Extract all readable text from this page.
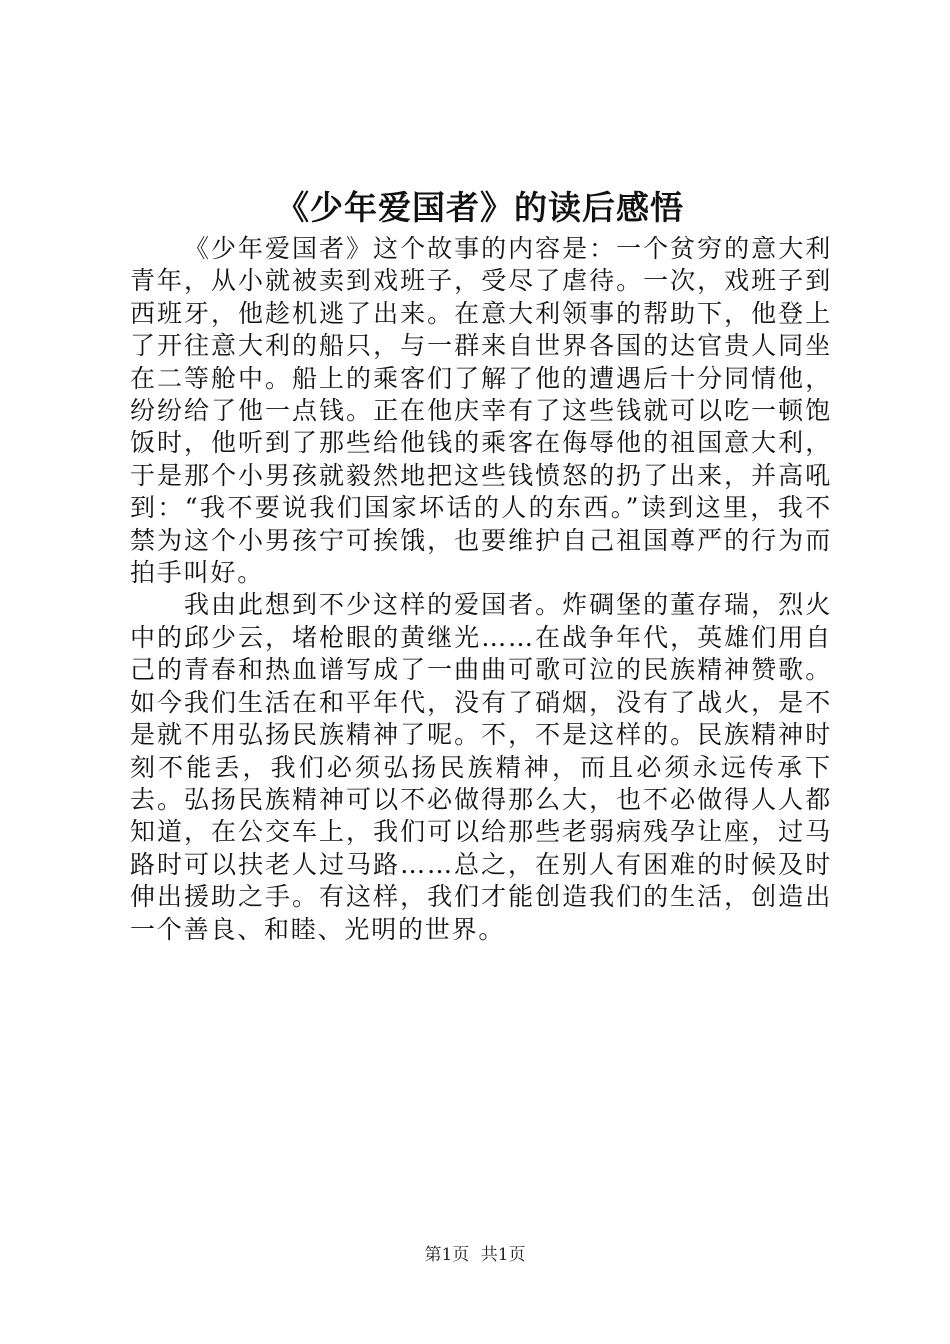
《少年爱国者》的读后感悟

《少年爱国者》这个故事的内容是：一个贫穷的意大利青年，从小就被卖到戏班子，受尽了虐待。一次，戏班子到西班牙，他趁机逃了出来。在意大利领事的帮助下，他登上了开往意大利的船只，与一群来自世界各国的达官贵人同坐在二等舱中。船上的乘客们了解了他的遭遇后十分同情他，纷纷给了他一点钱。正在他庆幸有了这些钱就可以吃一顿饱饭时，他听到了那些给他钱的乘客在侮辱他的祖国意大利，于是那个小男孩就毅然地把这些钱愤怒的扔了出来，并高吼到：“我不要说我们国家坏话的人的东西。”读到这里，我不禁为这个小男孩宁可挨饿，也要维护自己祖国尊严的行为而拍手叫好。

我由此想到不少这样的爱国者。炸碉堡的董存瑞，烈火中的邱少云，堵枪眼的黄继光……在战争年代，英雄们用自己的青春和热血谱写成了一曲曲可歌可泣的民族精神赞歌。如今我们生活在和平年代，没有了硝烟，没有了战火，是不是就不用弘扬民族精神了呢。不，不是这样的。民族精神时刻不能丢，我们必须弘扬民族精神，而且必须永远传承下去。弘扬民族精神可以不必做得那么大，也不必做得人人都知道，在公交车上，我们可以给那些老弱病残孕让座，过马路时可以扶老人过马路……总之，在别人有困难的时候及时伸出援助之手。有这样，我们才能创造我们的生活，创造出一个善良、和睦、光明的世界。

第1页 共1页
